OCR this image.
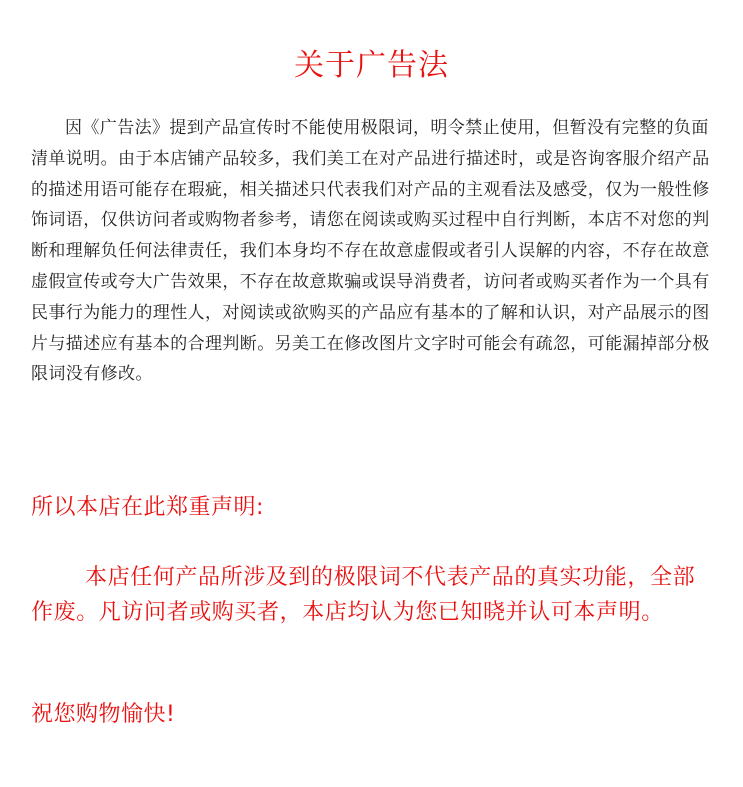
关于广告法
因《广告法》提到产品宣传时不能使用极限词，明令禁止使用，但暂没有完整的负面清单说明。由于本店铺产品较多，我们美工在对产品进行描述时，或是咨询客服介绍产品的描述用语可能存在瑕疵，相关描述只代表我们对产品的主观看法及感受，仅为一般性修饰词语，仅供访问者或购物者参考，请您在阅读或购买过程中自行判断，本店不对您的判断和理解负任何法律责任，我们本身均不存在故意虚假或者引人误解的内容，不存在故意虚假宣传或夸大广告效果，不存在故意欺骗或误导消费者，访问者或购买者作为一个具有民事行为能力的理性人，对阅读或欲购买的产品应有基本的了解和认识，对产品展示的图片与描述应有基本的合理判断。另美工在修改图片文字时可能会有疏忽，可能漏掉部分极限词没有修改。
所以本店在此郑重声明:
本店任何产品所涉及到的极限词不代表产品的真实功能，全部作废。凡访问者或购买者，本店均认为您已知晓并认可本声明。
祝您购物愉快!
